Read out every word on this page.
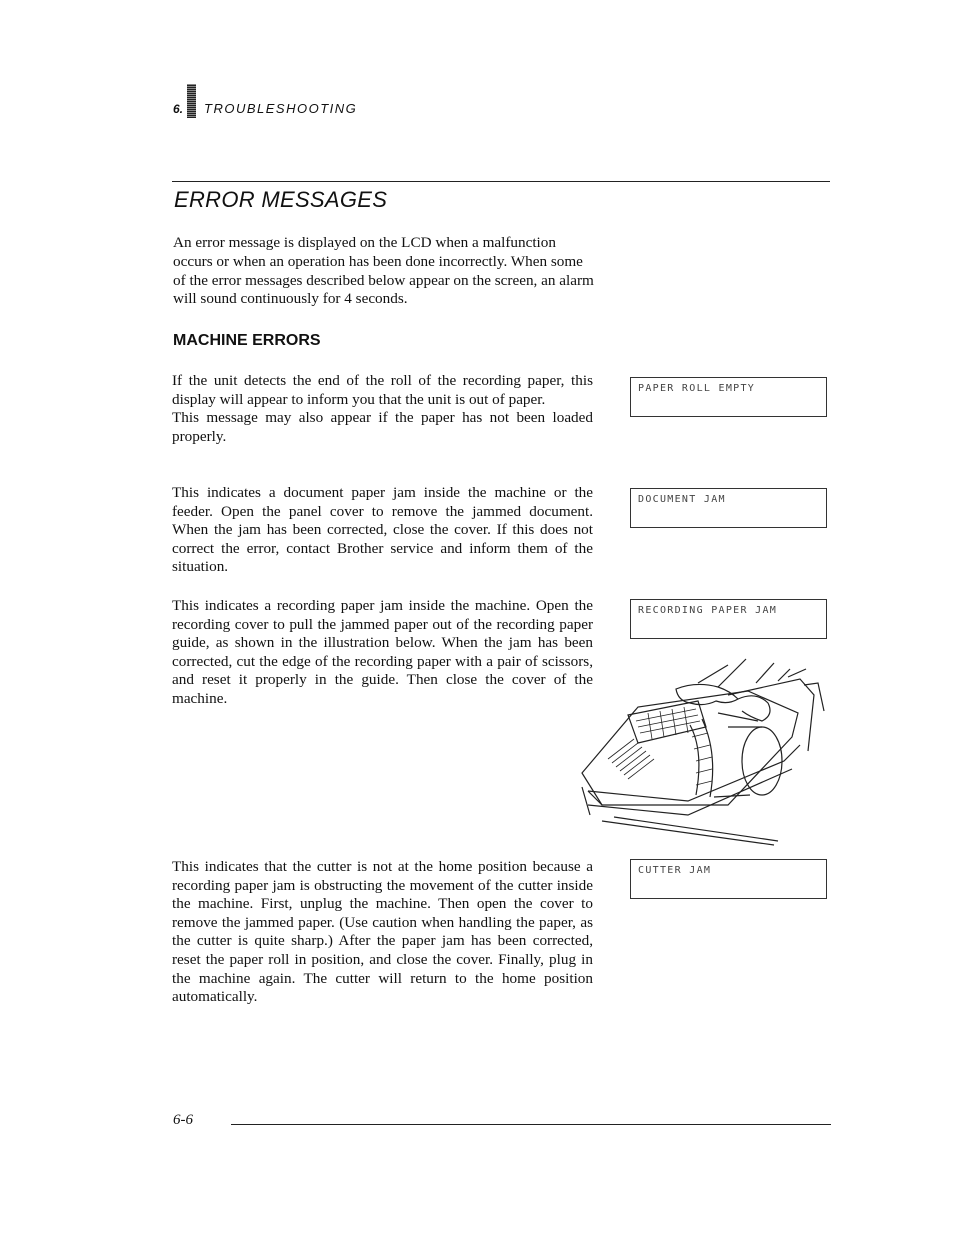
6. TROUBLESHOOTING
ERROR MESSAGES

An error message is displayed on the LCD when a malfunction occurs or when an operation has been done incorrectly. When some of the error messages described below appear on the screen, an alarm will sound continuously for 4 seconds.

MACHINE ERRORS

If the unit detects the end of the roll of the recording paper, this display will appear to inform you that the unit is out of paper.

This message may also appear if the paper has not been loaded properly.

PAPER ROLL EMPTY

This indicates a document paper jam inside the machine or the feeder. Open the panel cover to remove the jammed document. When the jam has been corrected, close the cover. If this does not correct the error, contact Brother service and inform them of the situation.

DOCUMENT JAM

This indicates a recording paper jam inside the machine. Open the recording cover to pull the jammed paper out of the recording paper guide, as shown in the illustration below. When the jam has been corrected, cut the edge of the recording paper with a pair of scissors, and reset it properly in the guide. Then close the cover of the machine.

RECORDING PAPER JAM

This indicates that the cutter is not at the home position because a recording paper jam is obstructing the movement of the cutter inside the machine. First, unplug the machine. Then open the cover to remove the jammed paper. (Use caution when handling the paper, as the cutter is quite sharp.) After the paper jam has been corrected, reset the paper roll in position, and close the cover. Finally, plug in the machine again. The cutter will return to the home position automatically.

CUTTER JAM
6-6
